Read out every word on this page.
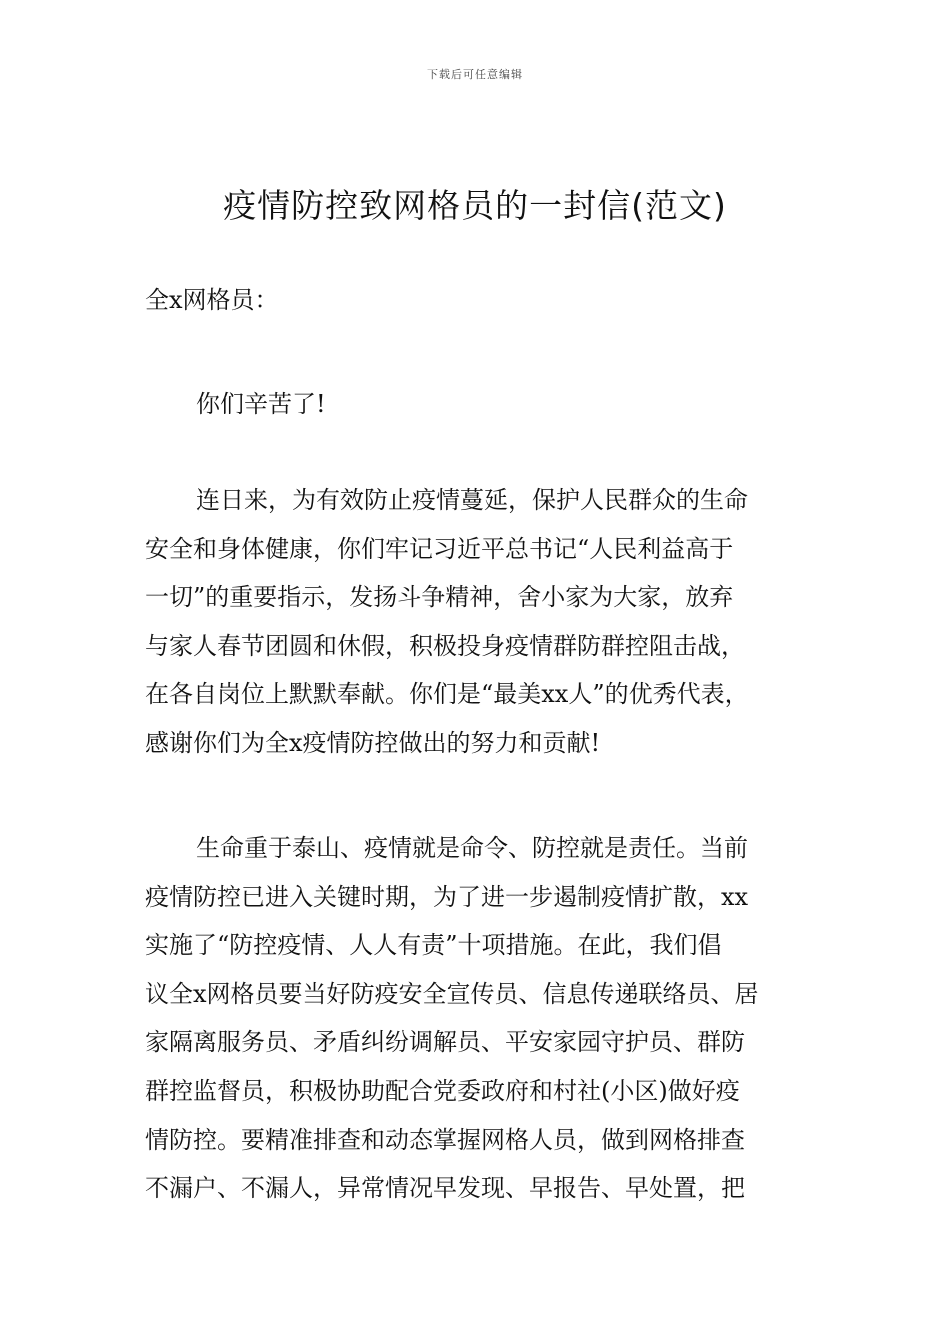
下载后可任意编辑
疫情防控致网格员的一封信(范文)
全x网格员：

你们辛苦了!

连日来，为有效防止疫情蔓延，保护人民群众的生命
安全和身体健康，你们牢记习近平总书记“人民利益高于
一切”的重要指示，发扬斗争精神，舍小家为大家，放弃
与家人春节团圆和休假，积极投身疫情群防群控阻击战，
在各自岗位上默默奉献。你们是“最美xx人”的优秀代表，
感谢你们为全x疫情防控做出的努力和贡献!

生命重于泰山、疫情就是命令、防控就是责任。当前
疫情防控已进入关键时期，为了进一步遏制疫情扩散，xx
实施了“防控疫情、人人有责”十项措施。在此，我们倡
议全x网格员要当好防疫安全宣传员、信息传递联络员、居
家隔离服务员、矛盾纠纷调解员、平安家园守护员、群防
群控监督员，积极协助配合党委政府和村社(小区)做好疫
情防控。要精准排查和动态掌握网格人员，做到网格排查
不漏户、不漏人，异常情况早发现、早报告、早处置，把
